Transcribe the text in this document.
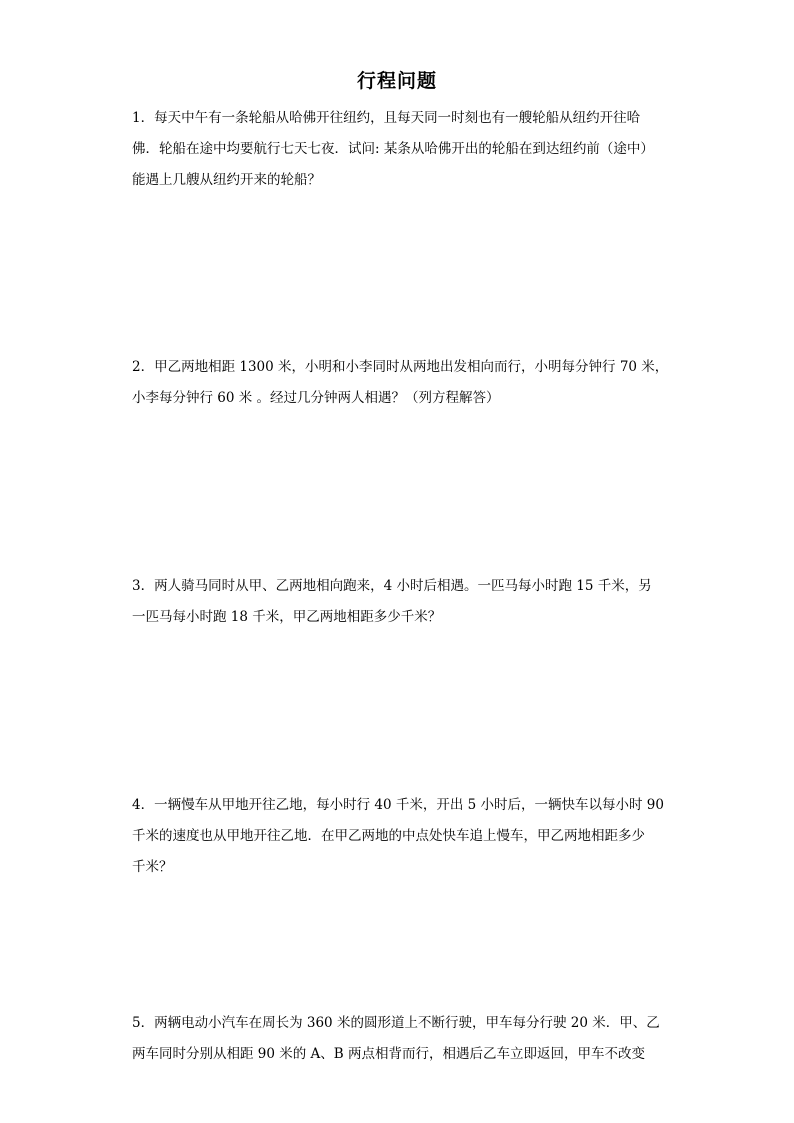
行程问题

1．每天中午有一条轮船从哈佛开往纽约，且每天同一时刻也有一艘轮船从纽约开往哈

佛．轮船在途中均要航行七天七夜．试问: 某条从哈佛开出的轮船在到达纽约前（途中）

能遇上几艘从纽约开来的轮船？

2．甲乙两地相距 1300 米，小明和小李同时从两地出发相向而行，小明每分钟行 70 米，

小李每分钟行 60 米 。经过几分钟两人相遇？（列方程解答）

3．两人骑马同时从甲、乙两地相向跑来，4 小时后相遇。一匹马每小时跑 15 千米，另

一匹马每小时跑 18 千米，甲乙两地相距多少千米？

4．一辆慢车从甲地开往乙地，每小时行 40 千米，开出 5 小时后，一辆快车以每小时 90

千米的速度也从甲地开往乙地．在甲乙两地的中点处快车追上慢车，甲乙两地相距多少

千米？

5．两辆电动小汽车在周长为 360 米的圆形道上不断行驶，甲车每分行驶 20 米．甲、乙

两车同时分别从相距 90 米的 A、B 两点相背而行，相遇后乙车立即返回，甲车不改变
